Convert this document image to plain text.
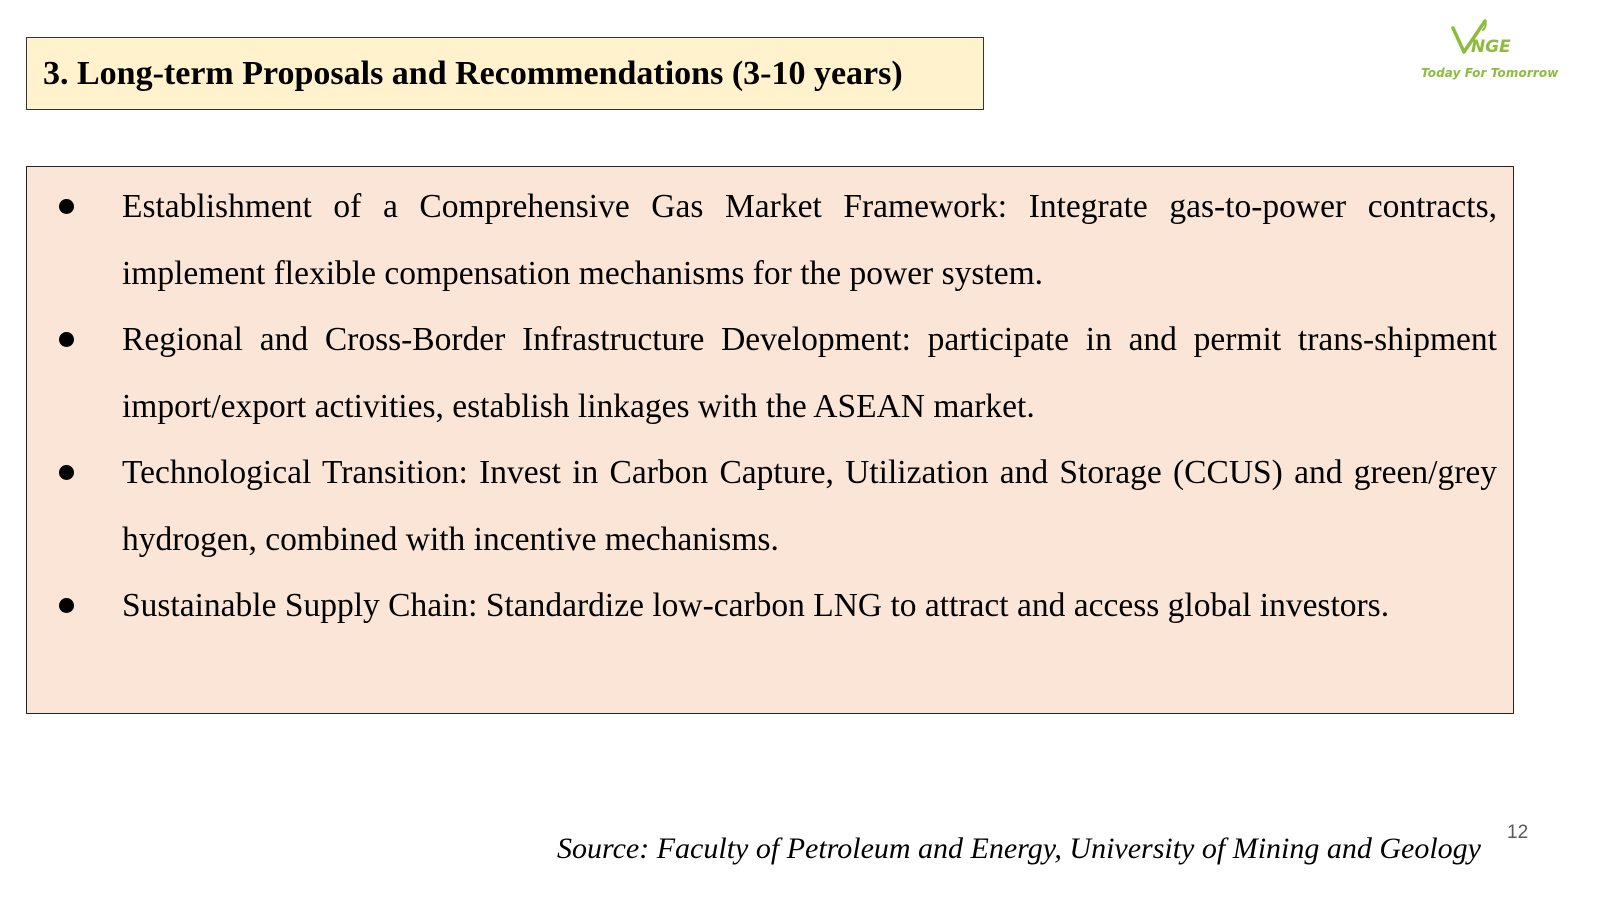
3. Long-term Proposals and Recommendations (3-10 years)
NGE
Today For Tomorrow
Establishment of a Comprehensive Gas Market Framework: Integrate gas-to-power contracts, implement flexible compensation mechanisms for the power system.
Regional and Cross-Border Infrastructure Development: participate in and permit trans-shipment import/export activities, establish linkages with the ASEAN market.
Technological Transition: Invest in Carbon Capture, Utilization and Storage (CCUS) and green/grey hydrogen, combined with incentive mechanisms.
Sustainable Supply Chain: Standardize low-carbon LNG to attract and access global investors.
Source: Faculty of Petroleum and Energy, University of Mining and Geology 12
